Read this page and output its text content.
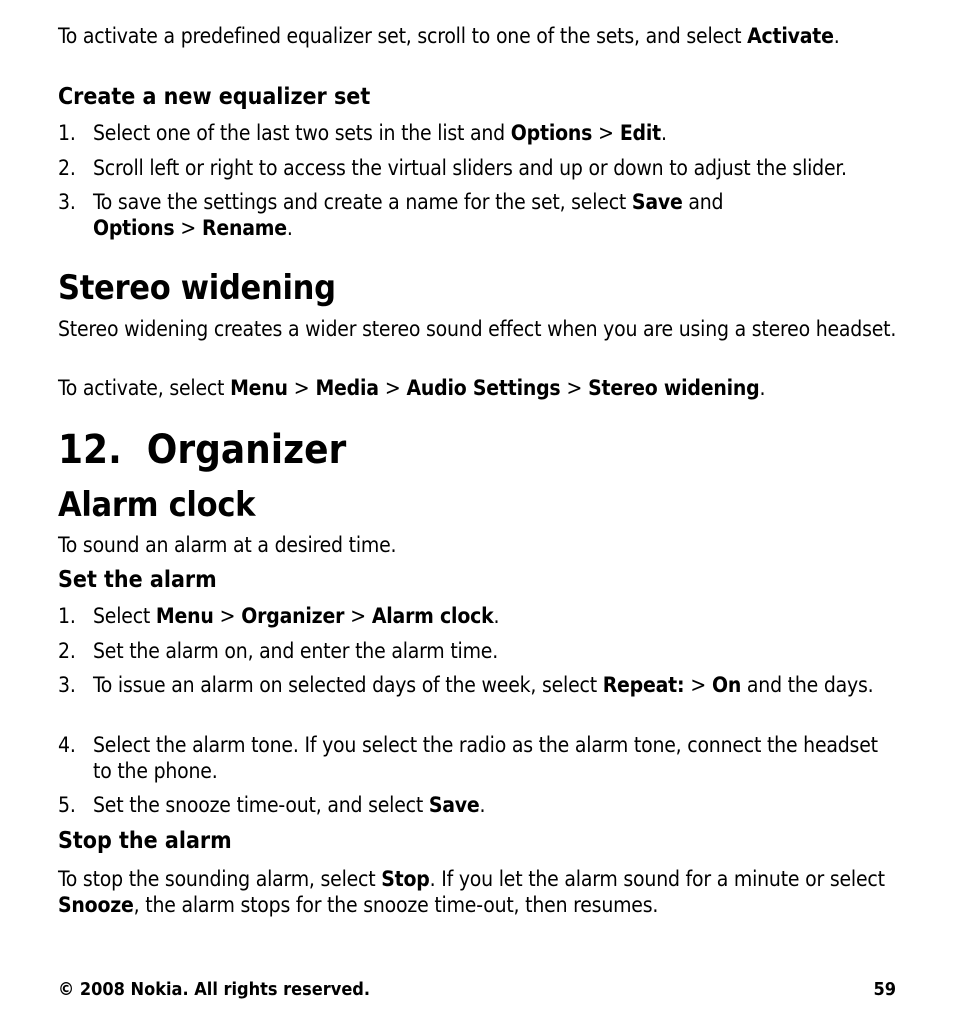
To activate a predefined equalizer set, scroll to one of the sets, and select Activate.

Create a new equalizer set
1. Select one of the last two sets in the list and Options > Edit.
2. Scroll left or right to access the virtual sliders and up or down to adjust the slider.
3. To save the settings and create a name for the set, select Save and Options > Rename.
Stereo widening

Stereo widening creates a wider stereo sound effect when you are using a stereo headset.

To activate, select Menu > Media > Audio Settings > Stereo widening.

12. Organizer
Alarm clock

To sound an alarm at a desired time.

Set the alarm
1. Select Menu > Organizer > Alarm clock.
2. Set the alarm on, and enter the alarm time.
3. To issue an alarm on selected days of the week, select Repeat: > On and the days.
4. Select the alarm tone. If you select the radio as the alarm tone, connect the headset to the phone.
5. Set the snooze time-out, and select Save.
Stop the alarm

To stop the sounding alarm, select Stop. If you let the alarm sound for a minute or select Snooze, the alarm stops for the snooze time-out, then resumes.

© 2008 Nokia. All rights reserved.	59
